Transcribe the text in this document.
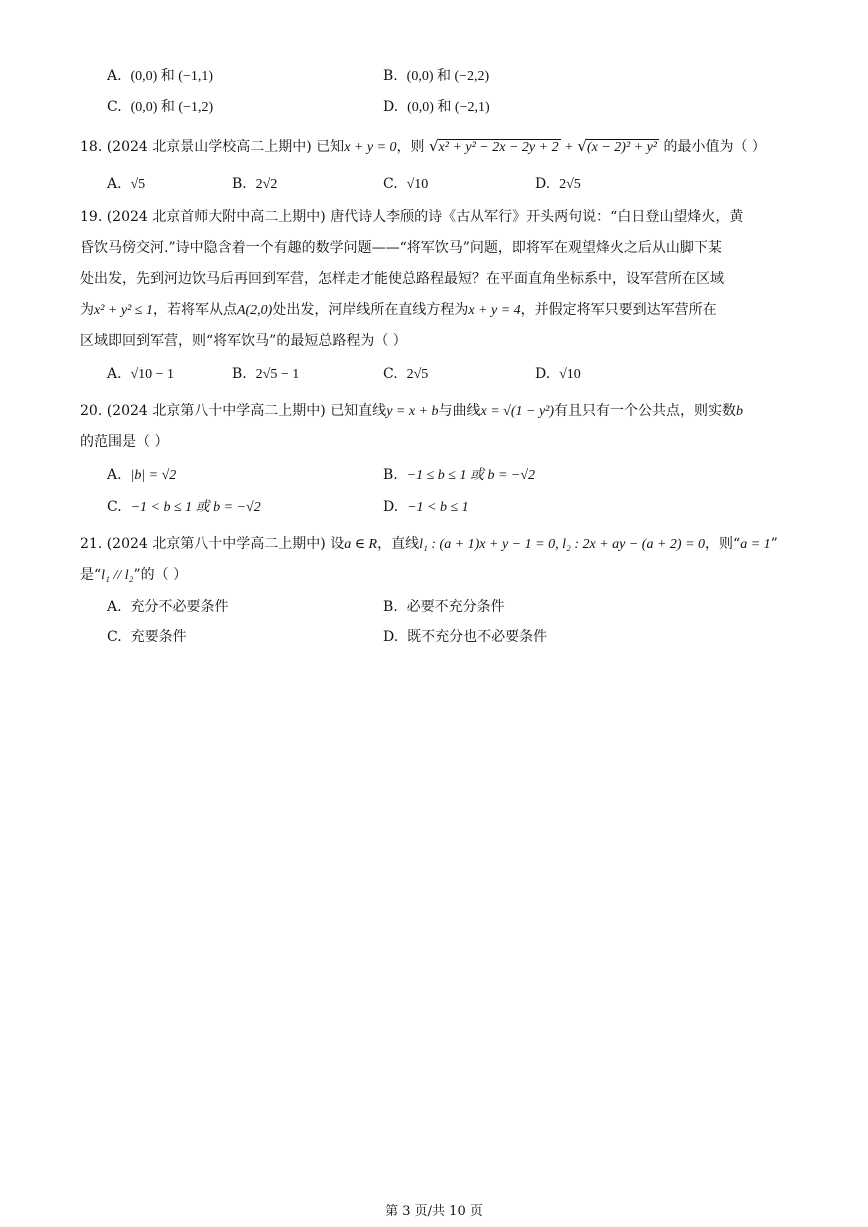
A. (0,0) 和 (−1,1)	B. (0,0) 和 (−2,2)
C. (0,0) 和 (−1,2)	D. (0,0) 和 (−2,1)
18. (2024 北京景山学校高二上期中) 已知x + y = 0，则 √x² + y² − 2x − 2y + 2 + √(x − 2)² + y² 的最小值为（ ）
A. √5	B. 2√2	C. √10	D. 2√5
19. (2024 北京首师大附中高二上期中) 唐代诗人李颀的诗《古从军行》开头两句说：“白日登山望烽火，黄
昏饮马傍交河.”诗中隐含着一个有趣的数学问题——“将军饮马”问题，即将军在观望烽火之后从山脚下某
处出发，先到河边饮马后再回到军营，怎样走才能使总路程最短？在平面直角坐标系中，设军营所在区域
为x² + y² ≤ 1，若将军从点A(2,0)处出发，河岸线所在直线方程为x + y = 4，并假定将军只要到达军营所在
区域即回到军营，则“将军饮马”的最短总路程为（ ）
A. √10 − 1	B. 2√5 − 1	C. 2√5	D. √10
20. (2024 北京第八十中学高二上期中) 已知直线y = x + b与曲线x = √(1 − y²)有且只有一个公共点，则实数b
的范围是（ ）
A. |b| = √2	B. −1 ≤ b ≤ 1 或 b = −√2
C. −1 < b ≤ 1 或 b = −√2	D. −1 < b ≤ 1
21. (2024 北京第八十中学高二上期中) 设a ∈ R，直线l₁ : (a + 1)x + y − 1 = 0, l₂ : 2x + ay − (a + 2) = 0，则“a = 1”
是“l₁ // l₂”的（ ）
A. 充分不必要条件	B. 必要不充分条件
C. 充要条件	D. 既不充分也不必要条件
第 3 页/共 10 页
